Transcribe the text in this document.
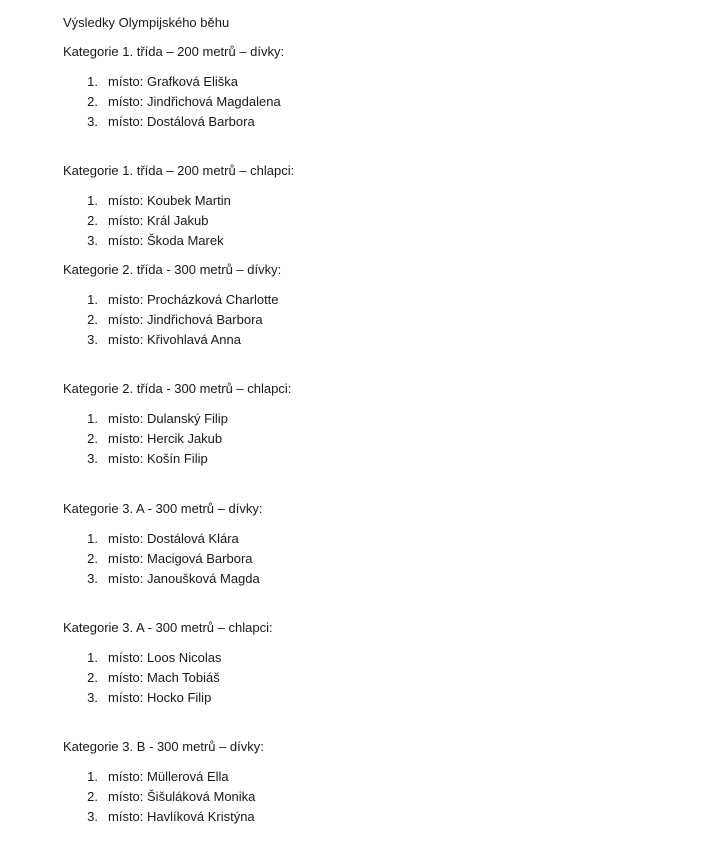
Výsledky Olympijského běhu
Kategorie 1. třída – 200 metrů – dívky:
1. místo: Grafková Eliška
2. místo: Jindřichová Magdalena
3. místo: Dostálová Barbora
Kategorie 1. třída – 200 metrů – chlapci:
1. místo: Koubek Martin
2. místo: Král Jakub
3. místo: Škoda Marek
Kategorie 2. třída - 300 metrů – dívky:
1. místo: Procházková Charlotte
2. místo: Jindřichová Barbora
3. místo: Křivohlavá Anna
Kategorie 2. třída - 300 metrů – chlapci:
1. místo: Dulanský Filip
2. místo: Hercik Jakub
3. místo: Košín Filip
Kategorie 3. A - 300 metrů – dívky:
1. místo: Dostálová Klára
2. místo: Macigová Barbora
3. místo: Janoušková Magda
Kategorie 3. A - 300 metrů – chlapci:
1. místo: Loos Nicolas
2. místo: Mach Tobiáš
3. místo: Hocko Filip
Kategorie 3. B - 300 metrů – dívky:
1. místo: Müllerová Ella
2. místo: Šišuláková Monika
3. místo: Havlíková Kristýna
